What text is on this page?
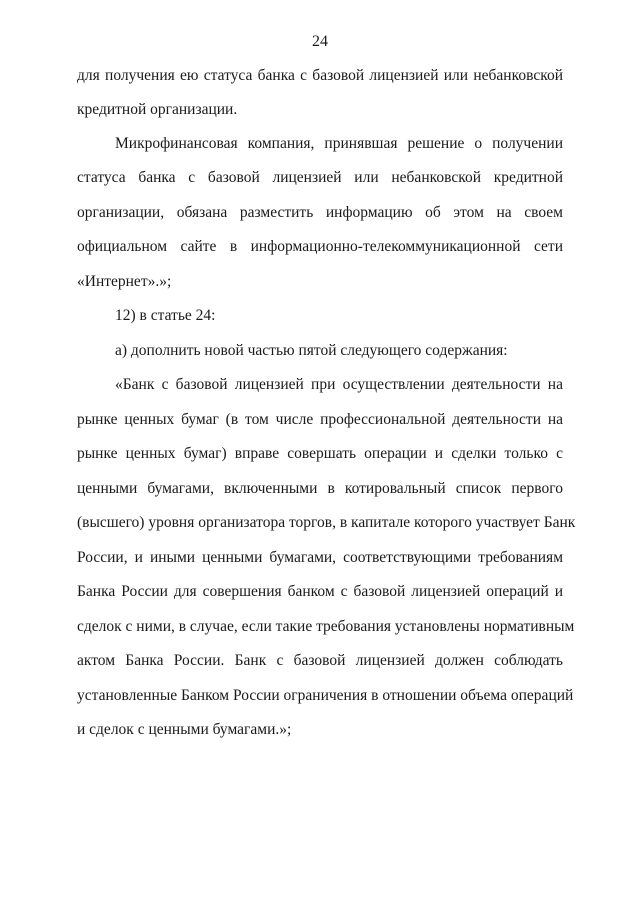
24
для получения ею статуса банка с базовой лицензией или небанковской
кредитной организации.
Микрофинансовая компания, принявшая решение о получении
статуса банка с базовой лицензией или небанковской кредитной
организации, обязана разместить информацию об этом на своем
официальном сайте в информационно-телекоммуникационной сети
«Интернет».»;
12) в статье 24:
а) дополнить новой частью пятой следующего содержания:
«Банк с базовой лицензией при осуществлении деятельности на
рынке ценных бумаг (в том числе профессиональной деятельности на
рынке ценных бумаг) вправе совершать операции и сделки только с
ценными бумагами, включенными в котировальный список первого
(высшего) уровня организатора торгов, в капитале которого участвует Банк
России, и иными ценными бумагами, соответствующими требованиям
Банка России для совершения банком с базовой лицензией операций и
сделок с ними, в случае, если такие требования установлены нормативным
актом Банка России. Банк с базовой лицензией должен соблюдать
установленные Банком России ограничения в отношении объема операций
и сделок с ценными бумагами.»;
